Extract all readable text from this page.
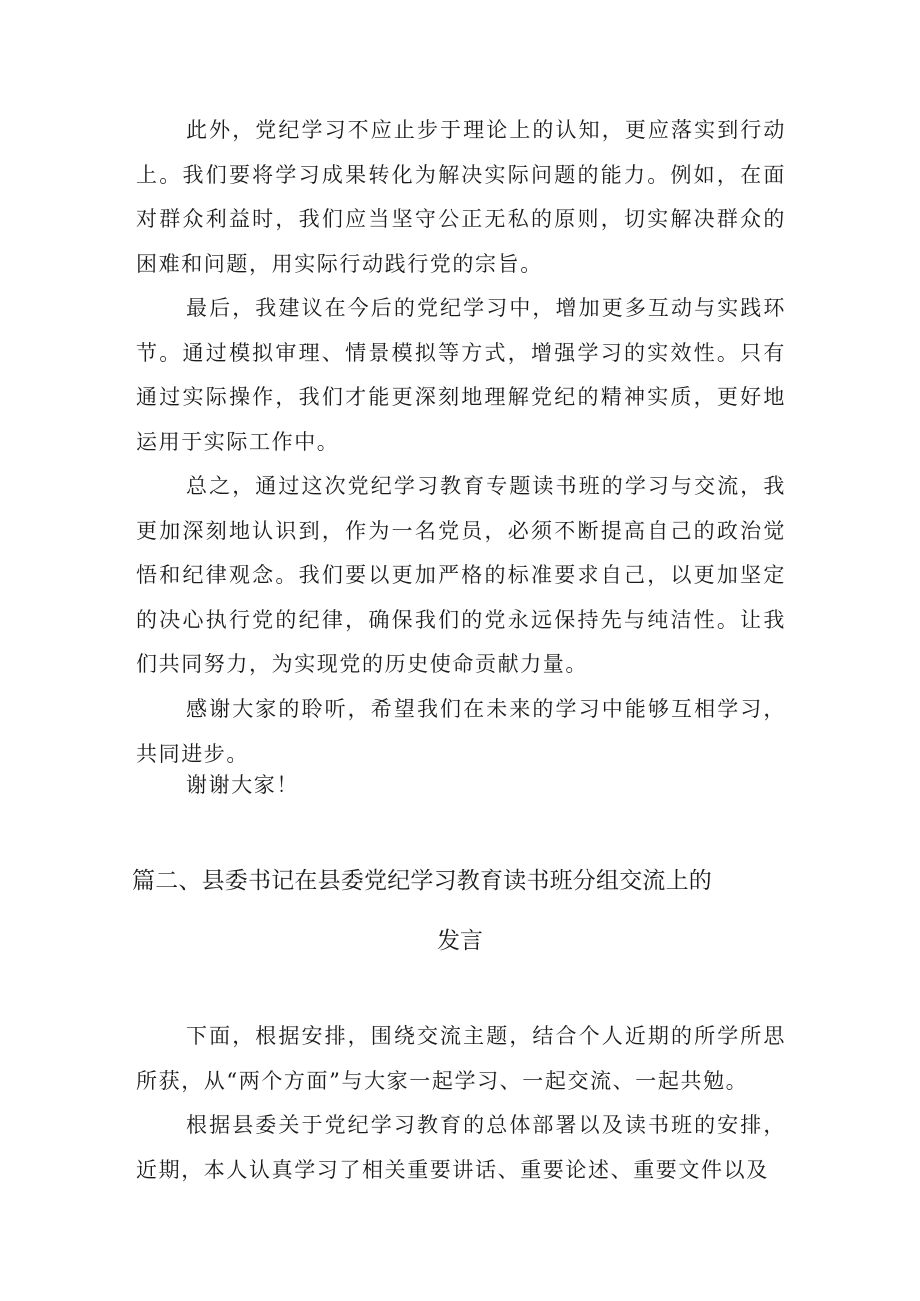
此外，党纪学习不应止步于理论上的认知，更应落实到行动上。我们要将学习成果转化为解决实际问题的能力。例如，在面对群众利益时，我们应当坚守公正无私的原则，切实解决群众的困难和问题，用实际行动践行党的宗旨。

最后，我建议在今后的党纪学习中，增加更多互动与实践环节。通过模拟审理、情景模拟等方式，增强学习的实效性。只有通过实际操作，我们才能更深刻地理解党纪的精神实质，更好地运用于实际工作中。

总之，通过这次党纪学习教育专题读书班的学习与交流，我更加深刻地认识到，作为一名党员，必须不断提高自己的政治觉悟和纪律观念。我们要以更加严格的标准要求自己，以更加坚定的决心执行党的纪律，确保我们的党永远保持先与纯洁性。让我们共同努力，为实现党的历史使命贡献力量。

感谢大家的聆听，希望我们在未来的学习中能够互相学习，共同进步。

谢谢大家！

篇二、县委书记在县委党纪学习教育读书班分组交流上的
发言

下面，根据安排，围绕交流主题，结合个人近期的所学所思所获，从“两个方面”与大家一起学习、一起交流、一起共勉。

根据县委关于党纪学习教育的总体部署以及读书班的安排，近期，本人认真学习了相关重要讲话、重要论述、重要文件以及
